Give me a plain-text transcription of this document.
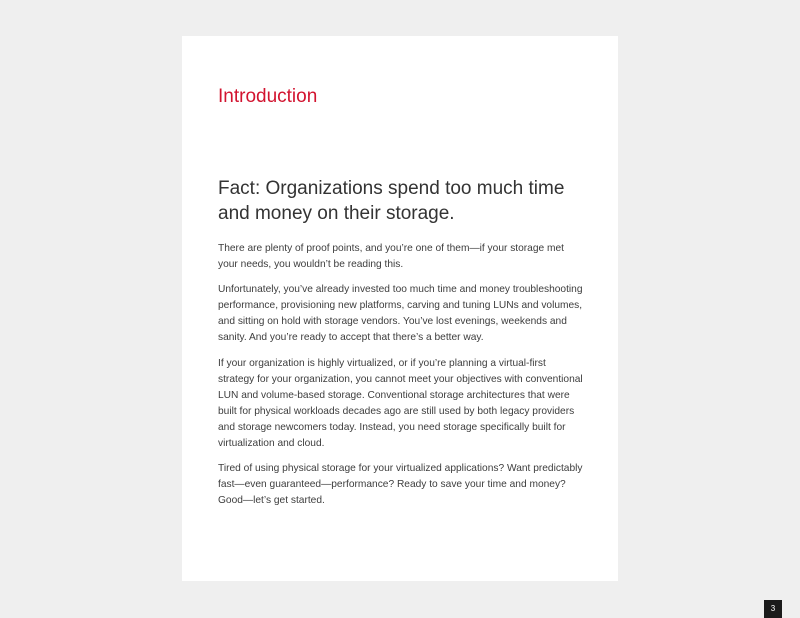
Introduction
Fact: Organizations spend too much time and money on their storage.

There are plenty of proof points, and you’re one of them—if your storage met your needs, you wouldn’t be reading this.

Unfortunately, you’ve already invested too much time and money troubleshooting performance, provisioning new platforms, carving and tuning LUNs and volumes, and sitting on hold with storage vendors. You’ve lost evenings, weekends and sanity. And you’re ready to accept that there’s a better way.

If your organization is highly virtualized, or if you’re planning a virtual-first strategy for your organization, you cannot meet your objectives with conventional LUN and volume-based storage. Conventional storage architectures that were built for physical workloads decades ago are still used by both legacy providers and storage newcomers today. Instead, you need storage specifically built for virtualization and cloud.

Tired of using physical storage for your virtualized applications? Want predictably fast—even guaranteed—performance? Ready to save your time and money? Good—let’s get started.

3
